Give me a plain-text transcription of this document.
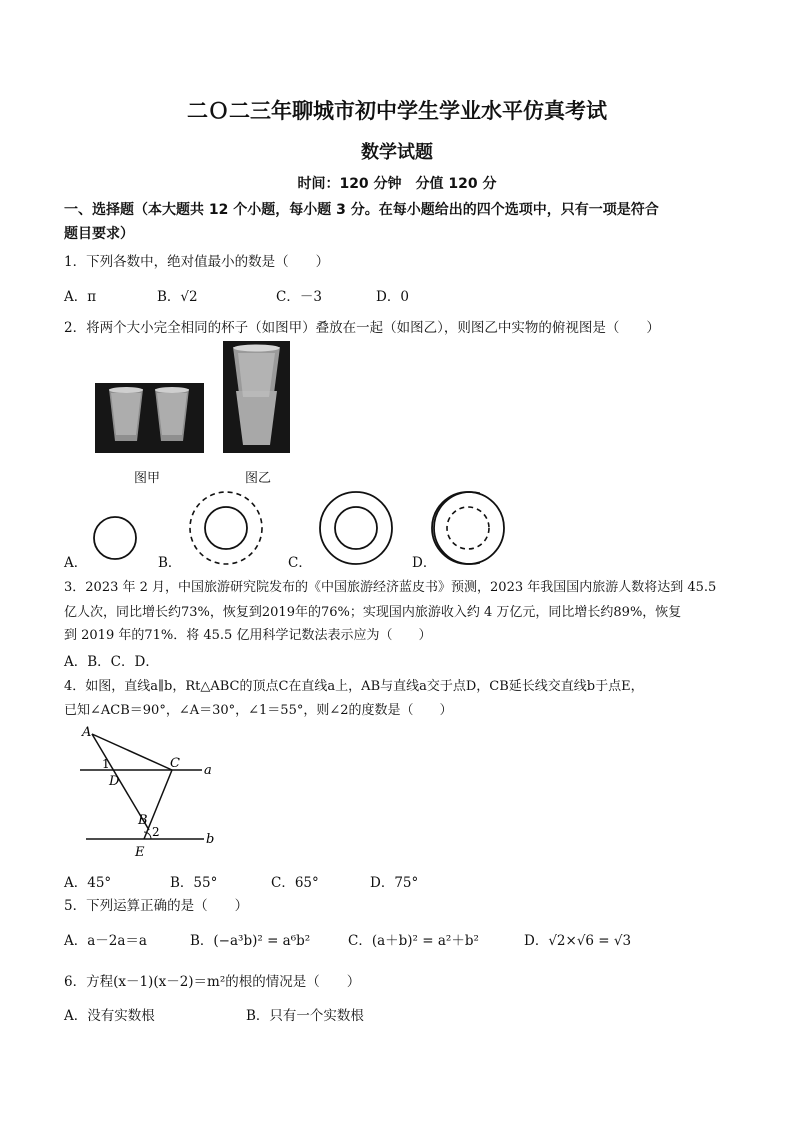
二Ｏ二三年聊城市初中学生学业水平仿真考试
数学试题
时间：120 分钟　分值 120 分
一、选择题（本大题共 12 个小题，每小题 3 分。在每小题给出的四个选项中，只有一项是符合
题目要求）
1．下列各数中，绝对值最小的数是（　　）
A．π	B．√2	C．－3	D．0
2．将两个大小完全相同的杯子（如图甲）叠放在一起（如图乙），则图乙中实物的俯视图是（　　）
图甲	图乙
A．	B．	C．	D．
3．2023 年 2 月，中国旅游研究院发布的《中国旅游经济蓝皮书》预测，2023 年我国国内旅游人数将达到 45.5
亿人次，同比增长约73%，恢复到2019年的76%；实现国内旅游收入约 4 万亿元，同比增长约89%，恢复
到 2019 年的71%．将 45.5 亿用科学记数法表示应为（　　）
A．B．C．D．
4．如图，直线a∥b，Rt△ABC的顶点C在直线a上，AB与直线a交于点D，CB延长线交直线b于点E，
已知∠ACB＝90°，∠A＝30°，∠1＝55°，则∠2的度数是（　　）
A
1
D
C a
B
2	b
E
A．45°	B．55°	C．65°	D．75°
5．下列运算正确的是（　　）
A．a－2a＝a	B．(−a³b)² = a⁶b²	C．(a＋b)² = a²＋b²	D．√2×√6 = √3
6．方程(x－1)(x－2)＝m²的根的情况是（　　）
A．没有实数根	B．只有一个实数根
